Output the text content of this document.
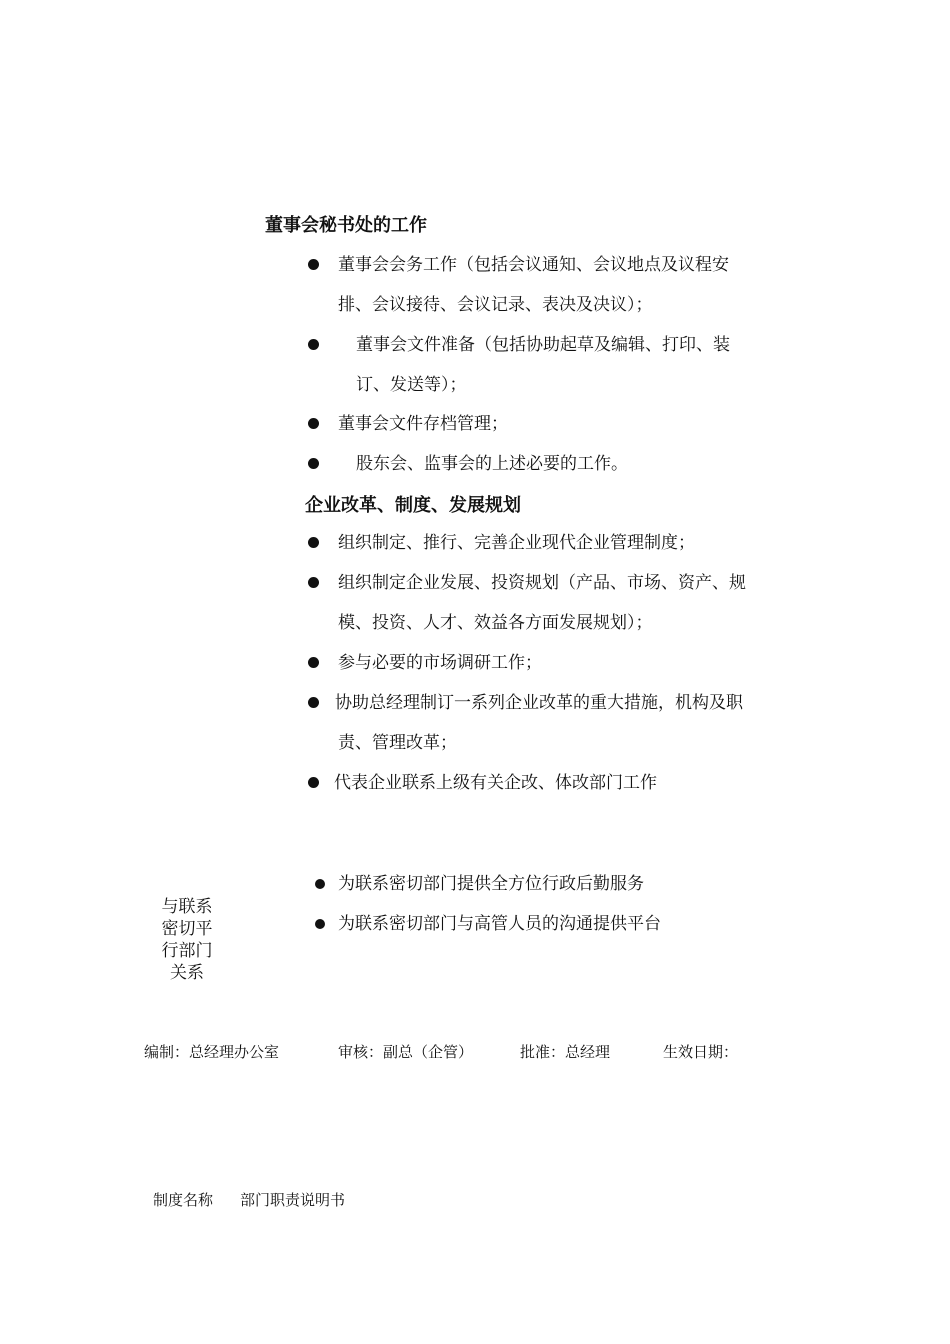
董事会秘书处的工作
董事会会务工作（包括会议通知、会议地点及议程安
排、会议接待、会议记录、表决及决议）；
董事会文件准备（包括协助起草及编辑、打印、装
订、发送等）；
董事会文件存档管理；
股东会、监事会的上述必要的工作。
企业改革、制度、发展规划
组织制定、推行、完善企业现代企业管理制度；
组织制定企业发展、投资规划（产品、市场、资产、规
模、投资、人才、效益各方面发展规划）；
参与必要的市场调研工作；
协助总经理制订一系列企业改革的重大措施，机构及职
责、管理改革；
代表企业联系上级有关企改、体改部门工作
与联系
密切平
行部门
关系
为联系密切部门提供全方位行政后勤服务
为联系密切部门与高管人员的沟通提供平台
编制：总经理办公室	审核：副总（企管）	批准：总经理	生效日期：
制度名称 部门职责说明书
